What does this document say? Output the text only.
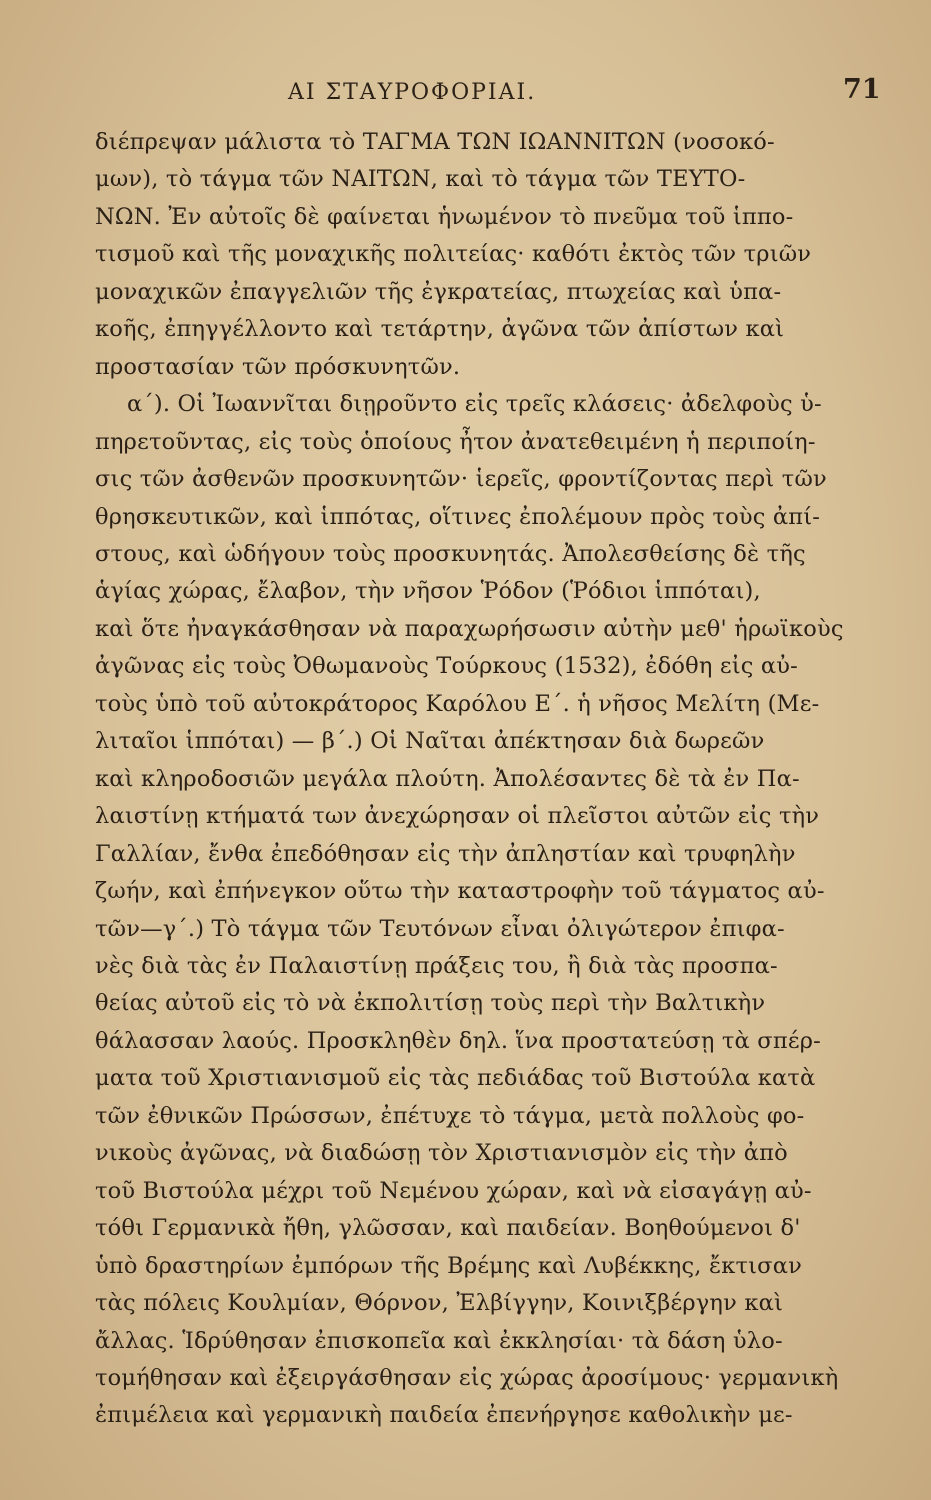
ΑΙ ΣΤΑΥΡΟΦΟΡΙΑΙ.	71
διέπρεψαν μάλιστα τὸ ΤΑΓΜΑ ΤΩΝ ΙΩΑΝΝΙΤΩΝ (νοσοκό-
μων), τὸ τάγμα τῶν ΝΑΙΤΩΝ, καὶ τὸ τάγμα τῶν ΤΕΥΤΟ-
ΝΩΝ. Ἐν αὐτοῖς δὲ φαίνεται ἡνωμένον τὸ πνεῦμα τοῦ ἱππο-
τισμοῦ καὶ τῆς μοναχικῆς πολιτείας· καθότι ἐκτὸς τῶν τριῶν
μοναχικῶν ἐπαγγελιῶν τῆς ἐγκρατείας, πτωχείας καὶ ὑπα-
κοῆς, ἐπηγγέλλοντο καὶ τετάρτην, ἀγῶνα τῶν ἀπίστων καὶ
προστασίαν τῶν πρόσκυνητῶν.
α΄). Οἱ Ἰωαννῖται διῃροῦντο εἰς τρεῖς κλάσεις· ἀδελφοὺς ὑ-
πηρετοῦντας, εἰς τοὺς ὁποίους ἦτον ἀνατεθειμένη ἡ περιποίη-
σις τῶν ἀσθενῶν προσκυνητῶν· ἱερεῖς, φροντίζοντας περὶ τῶν
θρησκευτικῶν, καὶ ἱππότας, οἵτινες ἐπολέμουν πρὸς τοὺς ἀπί-
στους, καὶ ὡδήγουν τοὺς προσκυνητάς. Ἀπολεσθείσης δὲ τῆς
ἁγίας χώρας, ἔλαβον, τὴν νῆσον Ῥόδον (Ῥόδιοι ἱππόται),
καὶ ὅτε ἠναγκάσθησαν νὰ παραχωρήσωσιν αὐτὴν μεθ' ἡρωϊκοὺς
ἀγῶνας εἰς τοὺς Ὀθωμανοὺς Τούρκους (1532), ἐδόθη εἰς αὐ-
τοὺς ὑπὸ τοῦ αὐτοκράτορος Καρόλου Ε΄. ἡ νῆσος Μελίτη (Με-
λιταῖοι ἱππόται) — β΄.) Οἱ Ναῖται ἀπέκτησαν διὰ δωρεῶν
καὶ κληροδοσιῶν μεγάλα πλούτη. Ἀπολέσαντες δὲ τὰ ἐν Πα-
λαιστίνῃ κτήματά των ἀνεχώρησαν οἱ πλεῖστοι αὐτῶν εἰς τὴν
Γαλλίαν, ἔνθα ἐπεδόθησαν εἰς τὴν ἀπληστίαν καὶ τρυφηλὴν
ζωήν, καὶ ἐπήνεγκον οὕτω τὴν καταστροφὴν τοῦ τάγματος αὐ-
τῶν—γ΄.) Τὸ τάγμα τῶν Τευτόνων εἶναι ὀλιγώτερον ἐπιφα-
νὲς διὰ τὰς ἐν Παλαιστίνῃ πράξεις του, ἢ διὰ τὰς προσπα-
θείας αὐτοῦ εἰς τὸ νὰ ἐκπολιτίσῃ τοὺς περὶ τὴν Βαλτικὴν
θάλασσαν λαούς. Προσκληθὲν δηλ. ἵνα προστατεύσῃ τὰ σπέρ-
ματα τοῦ Χριστιανισμοῦ εἰς τὰς πεδιάδας τοῦ Βιστούλα κατὰ
τῶν ἐθνικῶν Πρώσσων, ἐπέτυχε τὸ τάγμα, μετὰ πολλοὺς φο-
νικοὺς ἀγῶνας, νὰ διαδώσῃ τὸν Χριστιανισμὸν εἰς τὴν ἀπὸ
τοῦ Βιστούλα μέχρι τοῦ Νεμένου χώραν, καὶ νὰ εἰσαγάγῃ αὐ-
τόθι Γερμανικὰ ἤθη, γλῶσσαν, καὶ παιδείαν. Βοηθούμενοι δ'
ὑπὸ δραστηρίων ἐμπόρων τῆς Βρέμης καὶ Λυβέκκης, ἔκτισαν
τὰς πόλεις Κουλμίαν, Θόρνον, Ἐλβίγγην, Κοινιξβέργην καὶ
ἄλλας. Ἱδρύθησαν ἐπισκοπεῖα καὶ ἐκκλησίαι· τὰ δάση ὑλο-
τομήθησαν καὶ ἐξειργάσθησαν εἰς χώρας ἀροσίμους· γερμανικὴ
ἐπιμέλεια καὶ γερμανικὴ παιδεία ἐπενήργησε καθολικὴν με-
